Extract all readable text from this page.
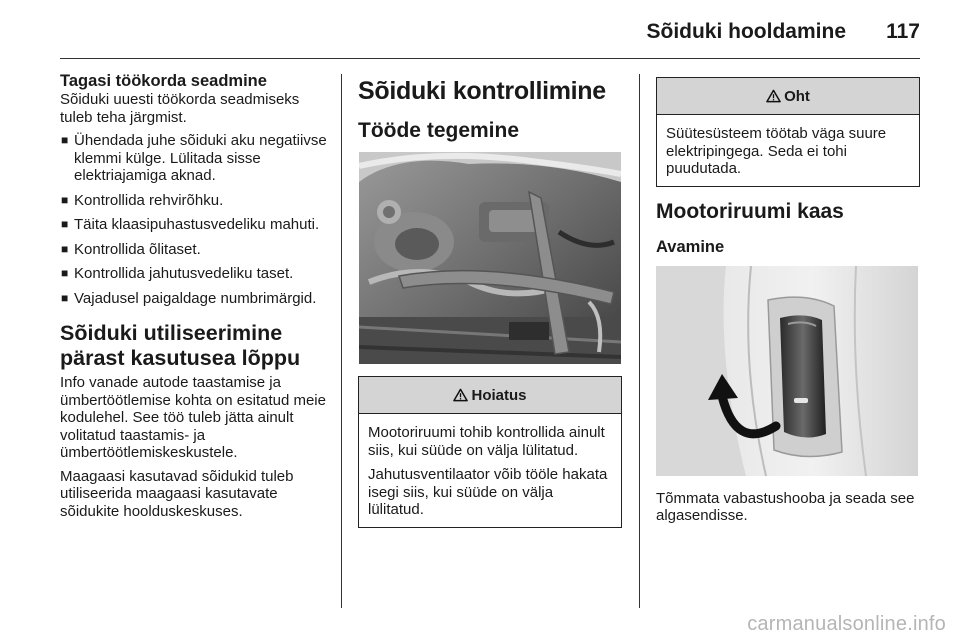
Sõiduki hooldamine 117
Tagasi töökorda seadmine

Sõiduki uuesti töökorda seadmiseks tuleb teha järgmist.

■ Ühendada juhe sõiduki aku negatiivse klemmi külge. Lülitada sisse elektriajamiga aknad.
■ Kontrollida rehvirõhku.
■ Täita klaasipuhastusvedeliku mahuti.
■ Kontrollida õlitaset.
■ Kontrollida jahutusvedeliku taset.
■ Vajadusel paigaldage numbrimärgid.
Sõiduki utiliseerimine pärast kasutusea lõppu

Info vanade autode taastamise ja ümbertöötlemise kohta on esitatud meie kodulehel. See töö tuleb jätta ainult volitatud taastamis- ja ümbertöötlemiskeskustele.

Maagaasi kasutavad sõidukid tuleb utiliseerida maagaasi kasutavate sõidukite hoolduskeskuses.

Sõiduki kontrollimine
Tööde tegemine
Hoiatus

Mootoriruumi tohib kontrollida ainult siis, kui süüde on välja lülitatud.

Jahutusventilaator võib tööle hakata isegi siis, kui süüde on välja lülitatud.

Oht

Süütesüsteem töötab väga suure elektripingega. Seda ei tohi puudutada.

Mootoriruumi kaas
Avamine

Tõmmata vabastushooba ja seada see algasendisse.

carmanualsonline.info
